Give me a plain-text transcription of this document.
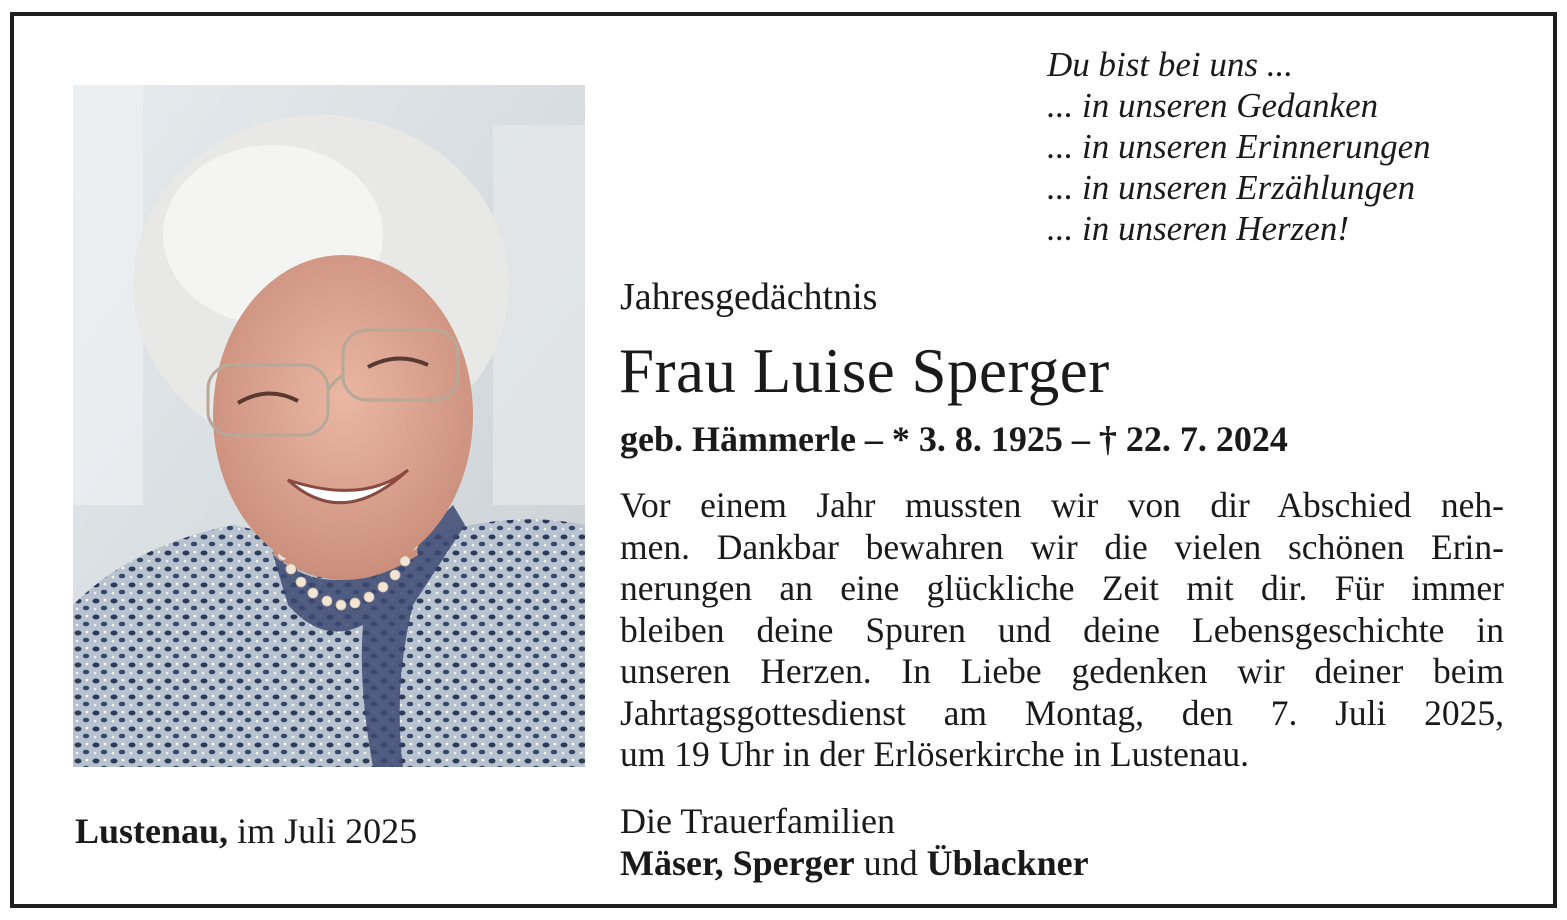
Du bist bei uns ...
... in unseren Gedanken
... in unseren Erinnerungen
... in unseren Erzählungen
... in unseren Herzen!
Jahresgedächtnis
Frau Luise Sperger
geb. Hämmerle – * 3. 8. 1925 – † 22. 7. 2024
Vor einem Jahr mussten wir von dir Abschied neh-
men. Dankbar bewahren wir die vielen schönen Erin-
nerungen an eine glückliche Zeit mit dir. Für immer
bleiben deine Spuren und deine Lebensgeschichte in
unseren Herzen. In Liebe gedenken wir deiner beim
Jahrtagsgottesdienst am Montag, den 7. Juli 2025,
um 19 Uhr in der Erlöserkirche in Lustenau.
Lustenau, im Juli 2025	Die Trauerfamilien
Mäser, Sperger und Üblackner
